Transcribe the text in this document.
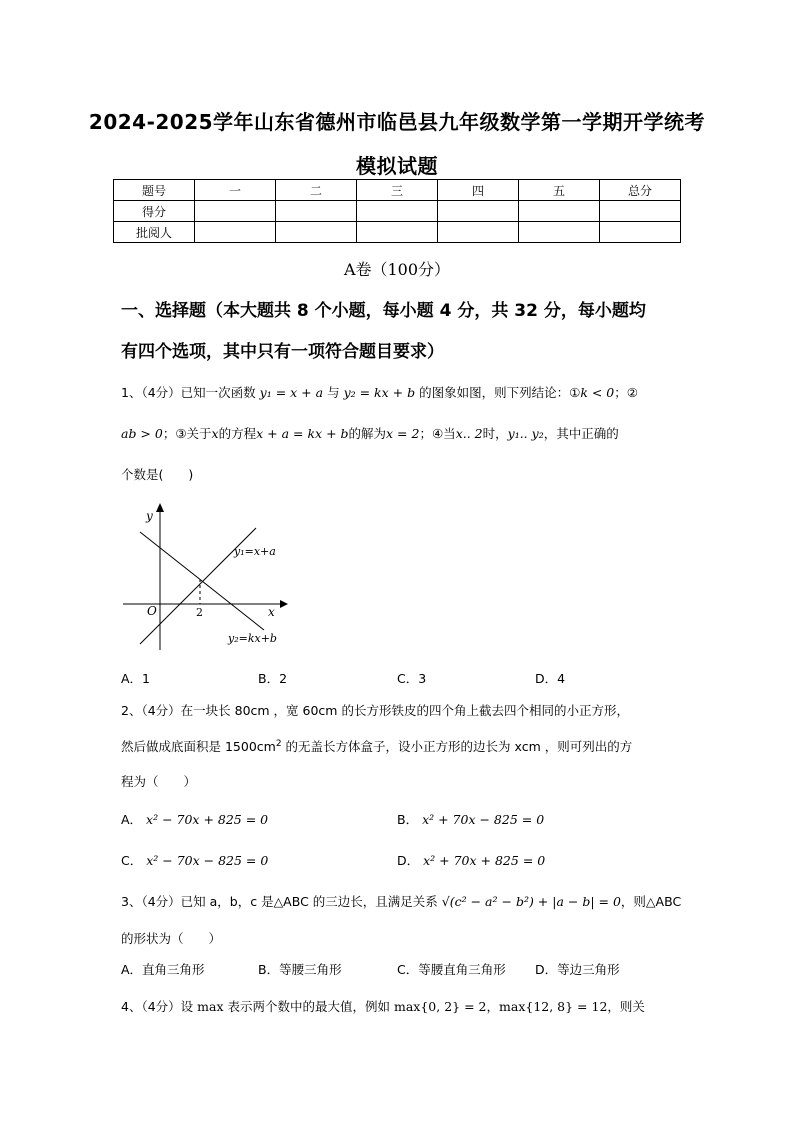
2024-2025学年山东省德州市临邑县九年级数学第一学期开学统考
模拟试题
题号	一	二	三	四	五	总分
得分						
批阅人						
A卷（100分）
一、选择题（本大题共 8 个小题，每小题 4 分，共 32 分，每小题均
有四个选项，其中只有一项符合题目要求）
1、（4分）已知一次函数 y₁ = x + a 与 y₂ = kx + b 的图象如图，则下列结论：①k < 0；②
ab > 0；③关于x的方程x + a = kx + b的解为x = 2；④当x.. 2时，y₁.. y₂，其中正确的
个数是(　　)
y
x
O	2
y₁=x+a
y₂=kx+b
A．1	B．2	C．3	D．4
2、（4分）在一块长 80cm ，宽 60cm 的长方形铁皮的四个角上截去四个相同的小正方形，
然后做成底面积是 $1500cm^2$ 的无盖长方体盒子，设小正方形的边长为 xcm ，则可列出的方
程为（　　）
A． x² − 70x + 825 = 0	B． x² + 70x − 825 = 0
C． x² − 70x − 825 = 0	D． x² + 70x + 825 = 0
3、（4分）已知 a，b，c 是△ABC 的三边长，且满足关系 √(c² − a² − b²) + |a − b| = 0，则△ABC
的形状为（　　）
A．直角三角形	B．等腰三角形	C．等腰直角三角形 D．等边三角形
4、（4分）设 max 表示两个数中的最大值，例如 max{0, 2} = 2，max{12, 8} = 12，则关
